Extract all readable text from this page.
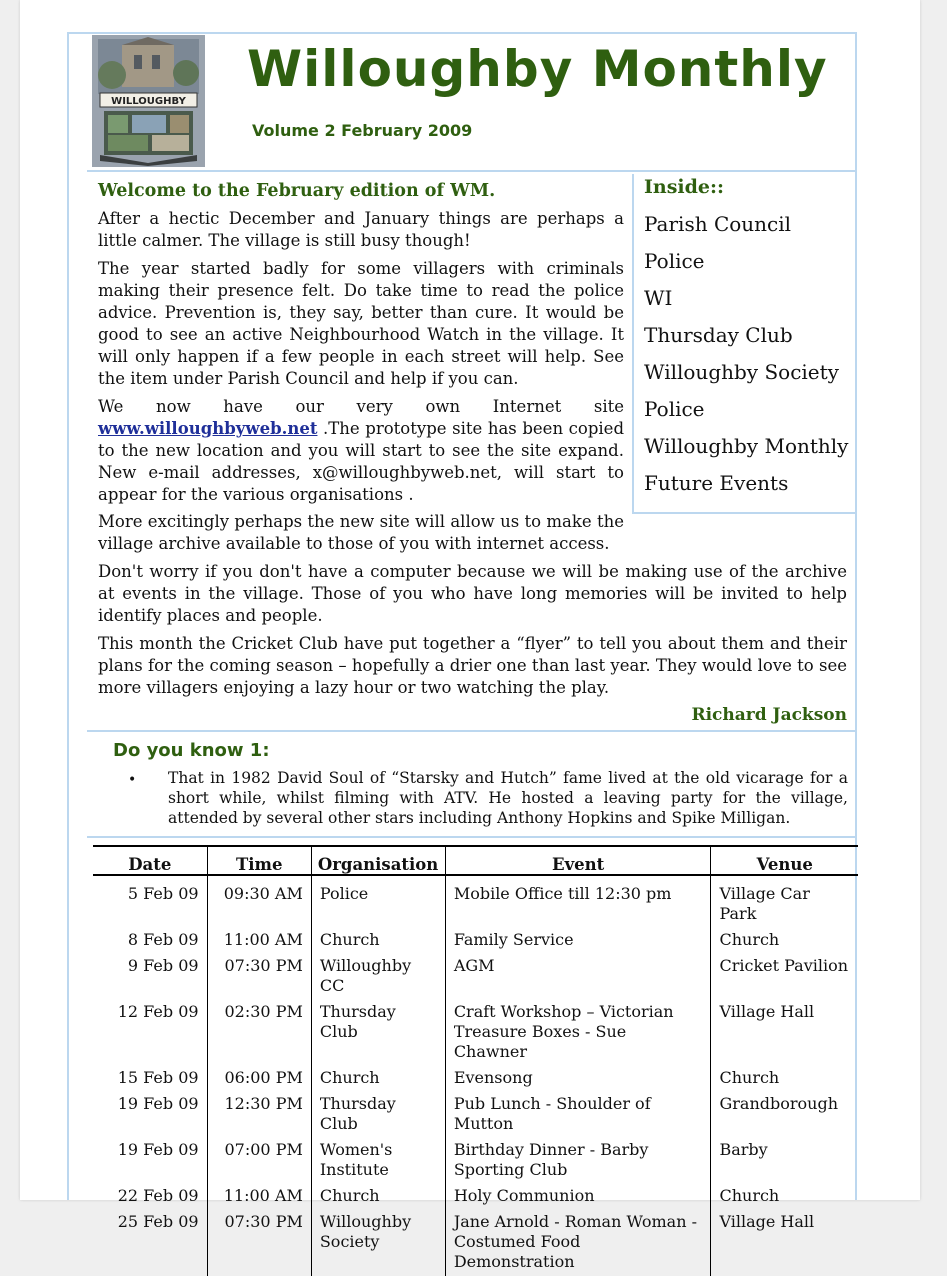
WILLOUGHBY
Willoughby Monthly
Volume 2 February 2009
Inside::
Parish Council
Police
WI
Thursday Club
Willoughby Society
Police
Willoughby Monthly
Future Events
Welcome to the February edition of WM.

After a hectic December and January things are perhaps a little calmer. The village is still busy though!

The year started badly for some villagers with criminals making their presence felt. Do take time to read the police advice. Prevention is, they say, better than cure. It would be good to see an active Neighbourhood Watch in the village. It will only happen if a few people in each street will help. See the item under Parish Council and help if you can.

We now have our very own Internet site www.willoughbyweb.net .The prototype site has been copied to the new location and you will start to see the site expand. New e-mail addresses, x@willoughbyweb.net, will start to appear for the various organisations .

More excitingly perhaps the new site will allow us to make the village archive available to those of you with internet access.

Don't worry if you don't have a computer because we will be making use of the archive at events in the village. Those of you who have long memories will be invited to help identify places and people.

This month the Cricket Club have put together a “flyer” to tell you about them and their plans for the coming season – hopefully a drier one than last year. They would love to see more villagers enjoying a lazy hour or two watching the play.

Richard Jackson
Do you know 1:
• That in 1982 David Soul of “Starsky and Hutch” fame lived at the old vicarage for a short while, whilst filming with ATV. He hosted a leaving party for the village, attended by several other stars including Anthony Hopkins and Spike Milligan.

Date	Time	Organisation	Event	Venue
5 Feb 09	09:30 AM	Police	Mobile Office till 12:30 pm	Village Car Park
8 Feb 09	11:00 AM	Church	Family Service	Church
9 Feb 09	07:30 PM	Willoughby CC	AGM	Cricket Pavilion
12 Feb 09	02:30 PM	Thursday Club	Craft Workshop – Victorian Treasure Boxes - Sue Chawner	Village Hall
15 Feb 09	06:00 PM	Church	Evensong	Church
19 Feb 09	12:30 PM	Thursday Club	Pub Lunch - Shoulder of Mutton	Grandborough
19 Feb 09	07:00 PM	Women's Institute	Birthday Dinner - Barby Sporting Club	Barby
22 Feb 09	11:00 AM	Church	Holy Communion	Church
25 Feb 09	07:30 PM	Willoughby Society	Jane Arnold - Roman Woman - Costumed Food Demonstration	Village Hall
